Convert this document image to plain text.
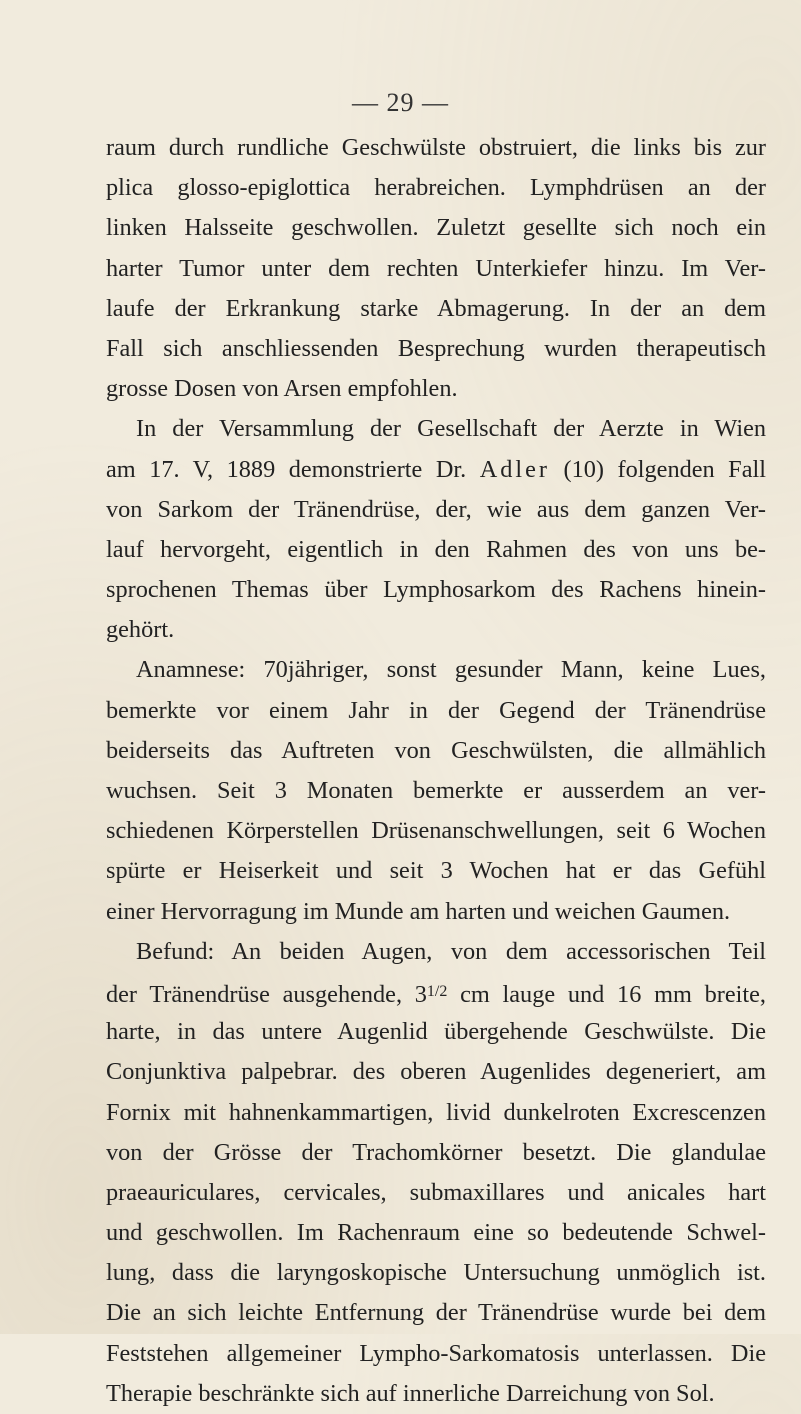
— 29 —
raum durch rundliche Geschwülste obstruiert, die links bis zur
plica glosso-epiglottica herabreichen. Lymphdrüsen an der
linken Halsseite geschwollen. Zuletzt gesellte sich noch ein
harter Tumor unter dem rechten Unterkiefer hinzu. Im Ver-
laufe der Erkrankung starke Abmagerung. In der an dem
Fall sich anschliessenden Besprechung wurden therapeutisch
grosse Dosen von Arsen empfohlen.
In der Versammlung der Gesellschaft der Aerzte in Wien
am 17. V, 1889 demonstrierte Dr. Adler (10) folgenden Fall
von Sarkom der Tränendrüse, der, wie aus dem ganzen Ver-
lauf hervorgeht, eigentlich in den Rahmen des von uns be-
sprochenen Themas über Lymphosarkom des Rachens hinein-
gehört.
Anamnese: 70jähriger, sonst gesunder Mann, keine Lues,
bemerkte vor einem Jahr in der Gegend der Tränendrüse
beiderseits das Auftreten von Geschwülsten, die allmählich
wuchsen. Seit 3 Monaten bemerkte er ausserdem an ver-
schiedenen Körperstellen Drüsenanschwellungen, seit 6 Wochen
spürte er Heiserkeit und seit 3 Wochen hat er das Gefühl
einer Hervorragung im Munde am harten und weichen Gaumen.
Befund: An beiden Augen, von dem accessorischen Teil
der Tränendrüse ausgehende, $3^{1/2}$ cm lauge und 16 mm breite,
harte, in das untere Augenlid übergehende Geschwülste. Die
Conjunktiva palpebrar. des oberen Augenlides degeneriert, am
Fornix mit hahnenkammartigen, livid dunkelroten Excrescenzen
von der Grösse der Trachomkörner besetzt. Die glandulae
praeauriculares, cervicales, submaxillares und anicales hart
und geschwollen. Im Rachenraum eine so bedeutende Schwel-
lung, dass die laryngoskopische Untersuchung unmöglich ist.
Die an sich leichte Entfernung der Tränendrüse wurde bei dem
Feststehen allgemeiner Lympho-Sarkomatosis unterlassen. Die
Therapie beschränkte sich auf innerliche Darreichung von Sol.
